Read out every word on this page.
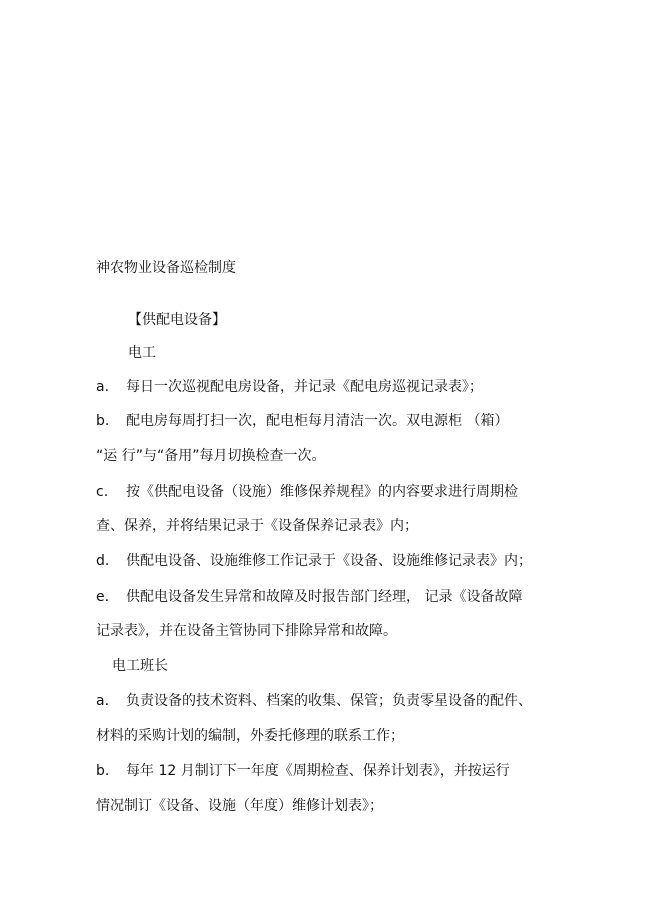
神农物业设备巡检制度
【供配电设备】
电工
a. 每日一次巡视配电房设备，并记录《配电房巡视记录表》；
b. 配电房每周打扫一次，配电柜每月清洁一次。双电源柜 （箱）
“运 行”与“备用”每月切换检查一次。
c. 按《供配电设备（设施）维修保养规程》的内容要求进行周期检
查、保养，并将结果记录于《设备保养记录表》内；
d. 供配电设备、设施维修工作记录于《设备、设施维修记录表》内；
e. 供配电设备发生异常和故障及时报告部门经理， 记录《设备故障
记录表》，并在设备主管协同下排除异常和故障。
电工班长
a. 负责设备的技术资料、档案的收集、保管；负责零星设备的配件、
材料的采购计划的编制，外委托修理的联系工作；
b. 每年 12 月制订下一年度《周期检查、保养计划表》，并按运行
情况制订《设备、设施（年度）维修计划表》；
